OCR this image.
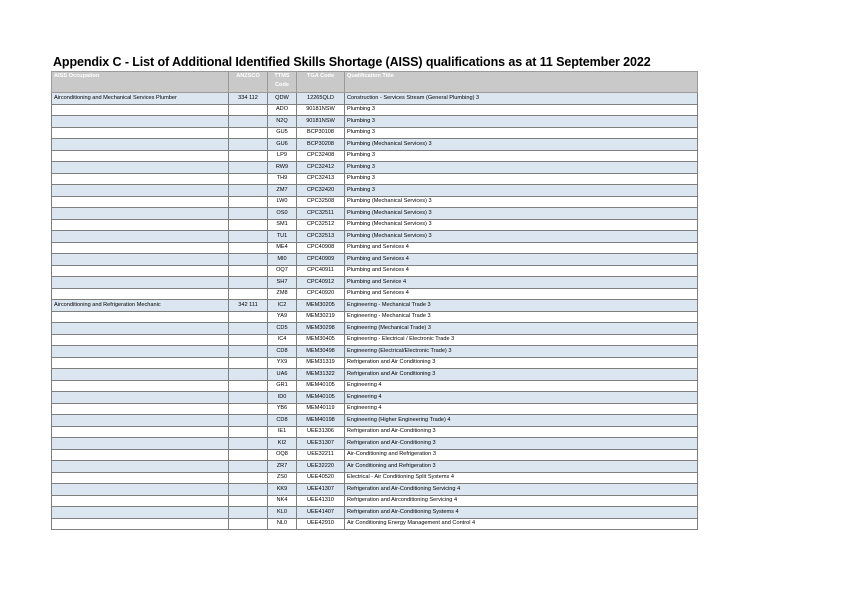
Appendix C - List of Additional Identified Skills Shortage (AISS) qualifications as at 11 September 2022
AISS Occupation	ANZSCO	TTMS Code	TGA Code	Qualification Title
Airconditioning and Mechanical Services Plumber	334 112	QDW	12265QLD	Construction - Services Stream (General Plumbing) 3
		ADO	90181NSW	Plumbing 3
		N2Q	90181NSW	Plumbing 3
		GU5	BCP30108	Plumbing 3
		GU6	BCP30208	Plumbing (Mechanical Services) 3
		LP9	CPC32408	Plumbing 3
		RW9	CPC32412	Plumbing 3
		TH9	CPC32413	Plumbing 3
		ZM7	CPC32420	Plumbing 3
		LW0	CPC32508	Plumbing (Mechanical Services) 3
		OS0	CPC32511	Plumbing (Mechanical Services) 3
		SM1	CPC32512	Plumbing (Mechanical Services) 3
		TU1	CPC32513	Plumbing (Mechanical Services) 3
		ME4	CPC40908	Plumbing and Services 4
		MI0	CPC40909	Plumbing and Services 4
		OQ7	CPC40911	Plumbing and Services 4
		SH7	CPC40912	Plumbing and Service 4
		ZM8	CPC40920	Plumbing and Services 4
Airconditioning and Refrigeration Mechanic	342 111	IC2	MEM30205	Engineering - Mechanical Trade 3
		YA9	MEM30219	Engineering - Mechanical Trade 3
		CD5	MEM30298	Engineering (Mechanical Trade) 3
		IC4	MEM30405	Engineering - Electrical / Electronic Trade 3
		CD8	MEM30498	Engineering (Electrical/Electronic Trade) 3
		YX9	MEM31319	Refrigeration and Air Conditioning 3
		UA6	MEM31322	Refrigeration and Air Conditioning 3
		GR1	MEM40105	Engineering 4
		ID0	MEM40105	Engineering 4
		YB6	MEM40119	Engineering 4
		CD8	MEM40198	Engineering (Higher Engineering Trade) 4
		IE1	UEE31306	Refrigeration and Air-Conditioning 3
		KI2	UEE31307	Refrigeration and Air-Conditioning 3
		OQ8	UEE32211	Air-Conditioning and Refrigeration 3
		ZR7	UEE32220	Air Conditioning and Refrigeration 3
		ZS0	UEE40520	Electrical - Air Conditioning Split Systems 4
		KK9	UEE41307	Refrigeration and Air-Conditioning Servicing 4
		NK4	UEE41310	Refrigeration and Airconditioning Servicing 4
		KL0	UEE41407	Refrigeration and Air-Conditioning Systems 4
		NL0	UEE42910	Air Conditioning Energy Management and Control 4
